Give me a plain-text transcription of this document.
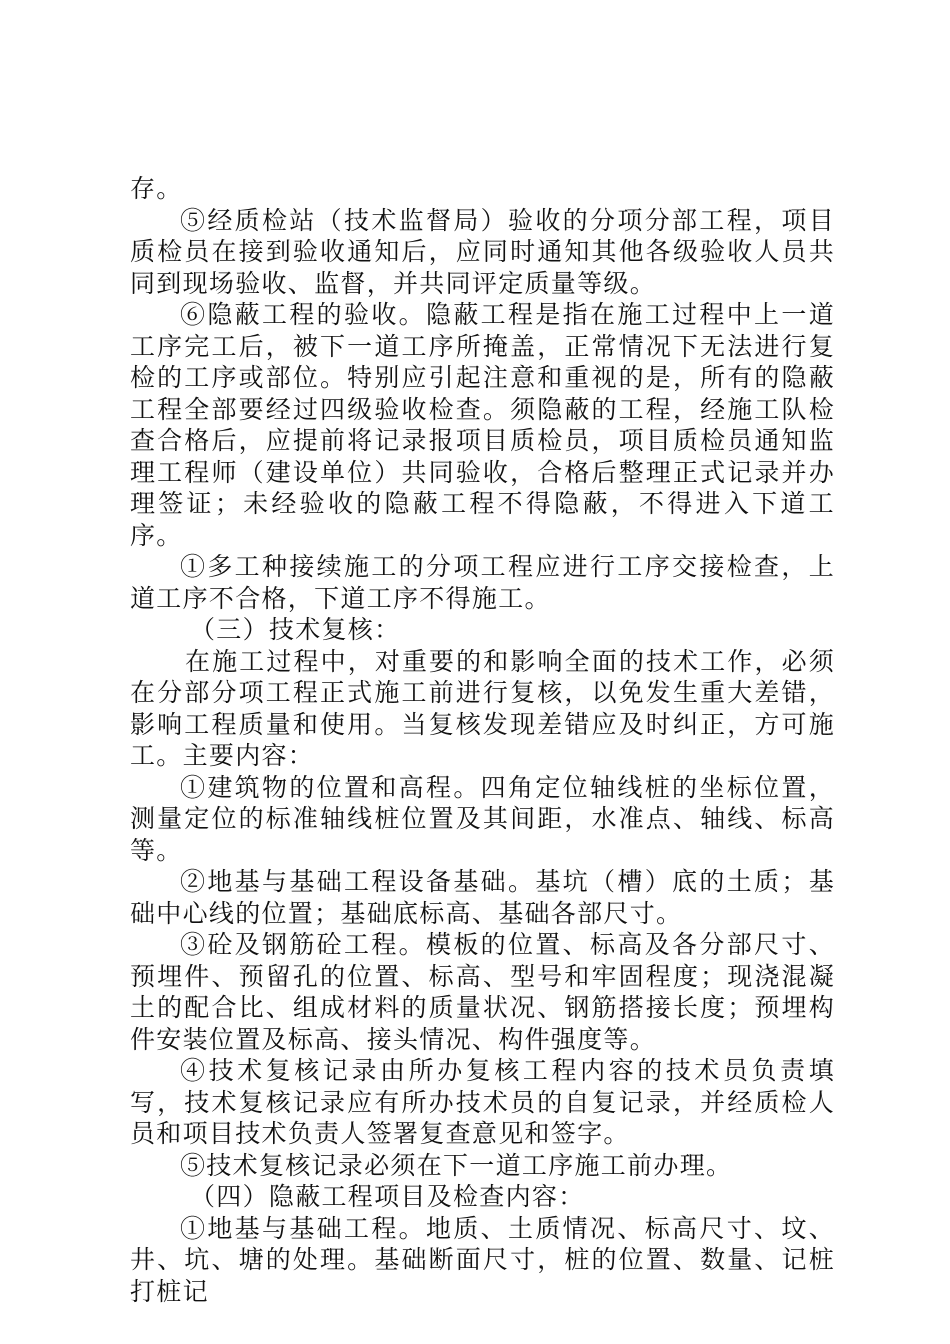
存。

⑤经质检站（技术监督局）验收的分项分部工程，项目质检员在接到验收通知后，应同时通知其他各级验收人员共同到现场验收、监督，并共同评定质量等级。

⑥隐蔽工程的验收。隐蔽工程是指在施工过程中上一道工序完工后，被下一道工序所掩盖，正常情况下无法进行复检的工序或部位。特别应引起注意和重视的是，所有的隐蔽工程全部要经过四级验收检查。须隐蔽的工程，经施工队检查合格后，应提前将记录报项目质检员，项目质检员通知监理工程师（建设单位）共同验收，合格后整理正式记录并办理签证；未经验收的隐蔽工程不得隐蔽，不得进入下道工序。

①多工种接续施工的分项工程应进行工序交接检查，上道工序不合格，下道工序不得施工。

（三）技术复核：

在施工过程中，对重要的和影响全面的技术工作，必须在分部分项工程正式施工前进行复核，以免发生重大差错，影响工程质量和使用。当复核发现差错应及时纠正，方可施工。主要内容：

①建筑物的位置和高程。四角定位轴线桩的坐标位置，测量定位的标准轴线桩位置及其间距，水准点、轴线、标高等。

②地基与基础工程设备基础。基坑（槽）底的土质；基础中心线的位置；基础底标高、基础各部尺寸。

③砼及钢筋砼工程。模板的位置、标高及各分部尺寸、预埋件、预留孔的位置、标高、型号和牢固程度；现浇混凝土的配合比、组成材料的质量状况、钢筋搭接长度；预埋构件安装位置及标高、接头情况、构件强度等。

④技术复核记录由所办复核工程内容的技术员负责填写，技术复核记录应有所办技术员的自复记录，并经质检人员和项目技术负责人签署复查意见和签字。

⑤技术复核记录必须在下一道工序施工前办理。

（四）隐蔽工程项目及检查内容：

①地基与基础工程。地质、土质情况、标高尺寸、坟、井、坑、塘的处理。基础断面尺寸，桩的位置、数量、记桩打桩记
